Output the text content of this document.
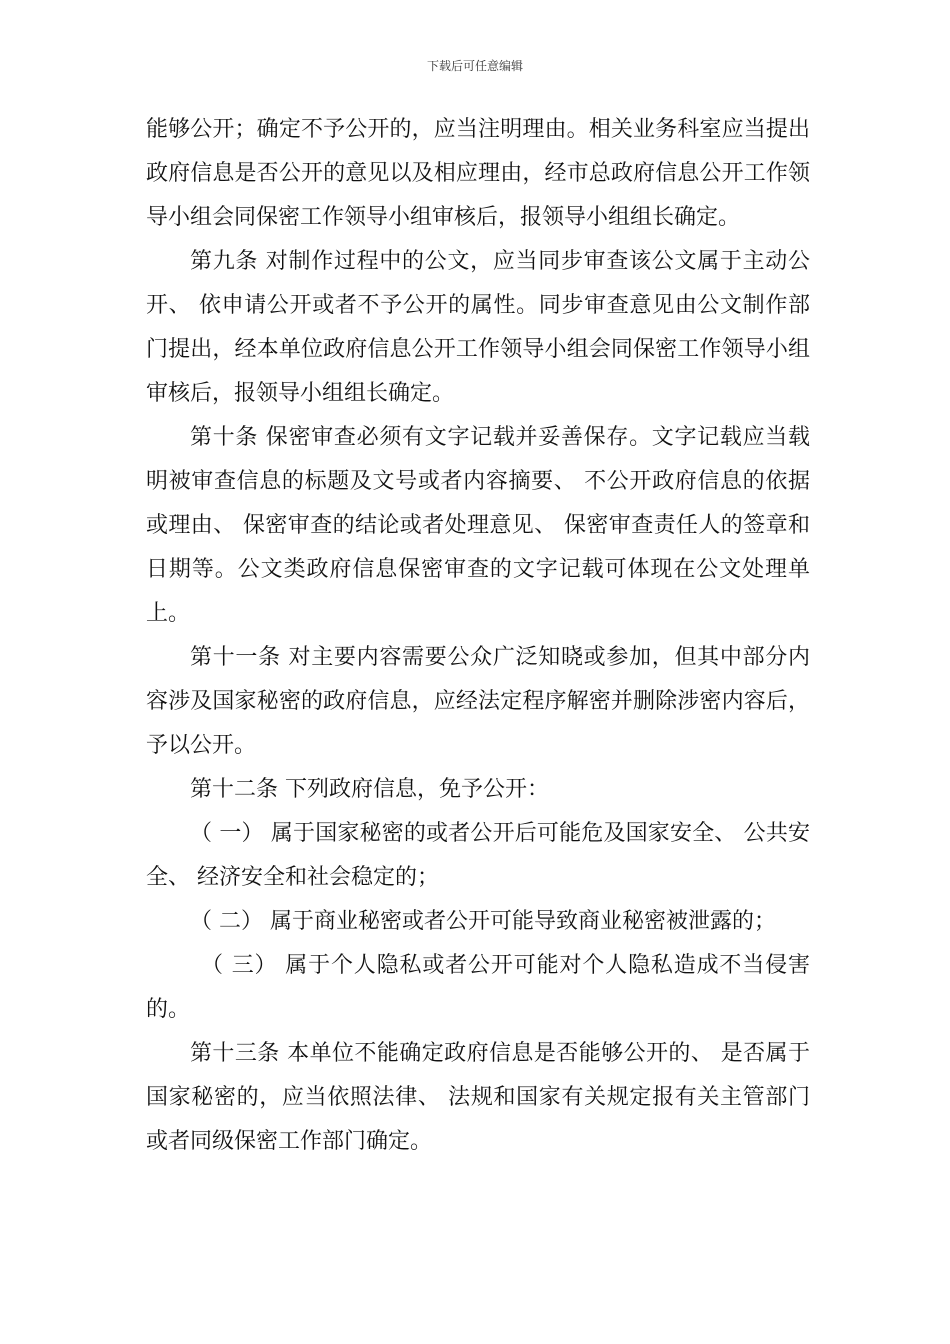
下载后可任意编辑

能够公开；确定不予公开的，应当注明理由。相关业务科室应当提出政府信息是否公开的意见以及相应理由，经市总政府信息公开工作领导小组会同保密工作领导小组审核后，报领导小组组长确定。

第九条 对制作过程中的公文，应当同步审查该公文属于主动公开、 依申请公开或者不予公开的属性。同步审查意见由公文制作部门提出，经本单位政府信息公开工作领导小组会同保密工作领导小组审核后，报领导小组组长确定。

第十条 保密审查必须有文字记载并妥善保存。文字记载应当载明被审查信息的标题及文号或者内容摘要、 不公开政府信息的依据或理由、 保密审查的结论或者处理意见、 保密审查责任人的签章和日期等。公文类政府信息保密审查的文字记载可体现在公文处理单上。

第十一条 对主要内容需要公众广泛知晓或参加，但其中部分内容涉及国家秘密的政府信息，应经法定程序解密并删除涉密内容后，予以公开。

第十二条 下列政府信息，免予公开：

（ 一） 属于国家秘密的或者公开后可能危及国家安全、 公共安全、 经济安全和社会稳定的；

（ 二） 属于商业秘密或者公开可能导致商业秘密被泄露的；

（ 三） 属于个人隐私或者公开可能对个人隐私造成不当侵害的。

第十三条 本单位不能确定政府信息是否能够公开的、 是否属于国家秘密的，应当依照法律、 法规和国家有关规定报有关主管部门或者同级保密工作部门确定。
